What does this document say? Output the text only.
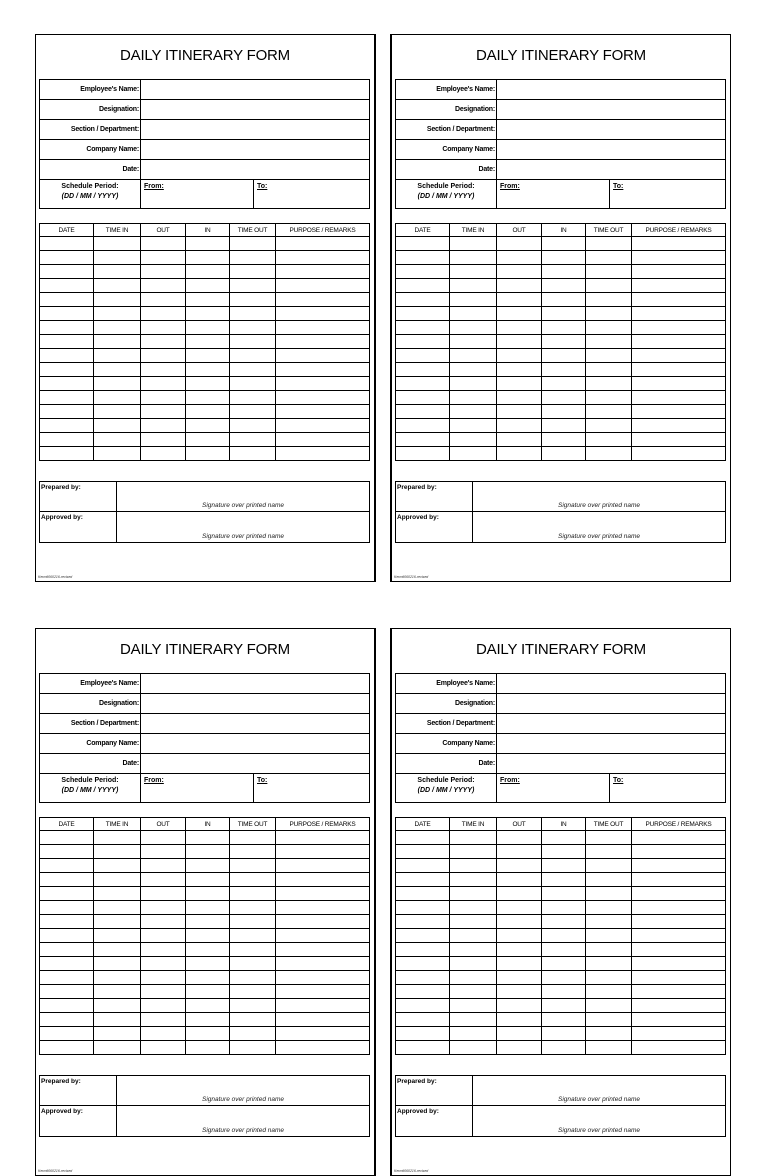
DAILY ITINERARY FORM
Employee's Name:		
Designation:		
Section / Department:		
Company Name:		
Date:		

Schedule Period:
(DD / MM / YYYY)	From:	To:
DATE	TIME IN	OUT	IN	TIME OUT	PURPOSE / REMARKS

Prepared by:	Signature over printed name
Approved by:	Signature over printed name
Kermit060216-revised
DAILY ITINERARY FORM
Employee's Name:		
Designation:		
Section / Department:		
Company Name:		
Date:		

Schedule Period:
(DD / MM / YYYY)	From:	To:
DATE	TIME IN	OUT	IN	TIME OUT	PURPOSE / REMARKS

Prepared by:	Signature over printed name
Approved by:	Signature over printed name
Kermit060216-revised
DAILY ITINERARY FORM
Employee's Name:		
Designation:		
Section / Department:		
Company Name:		
Date:		

Schedule Period:
(DD / MM / YYYY)	From:	To:
DATE	TIME IN	OUT	IN	TIME OUT	PURPOSE / REMARKS

Prepared by:	Signature over printed name
Approved by:	Signature over printed name
Kermit060216-revised
DAILY ITINERARY FORM
Employee's Name:		
Designation:		
Section / Department:		
Company Name:		
Date:		

Schedule Period:
(DD / MM / YYYY)	From:	To:
DATE	TIME IN	OUT	IN	TIME OUT	PURPOSE / REMARKS

Prepared by:	Signature over printed name
Approved by:	Signature over printed name
Kermit060216-revised
